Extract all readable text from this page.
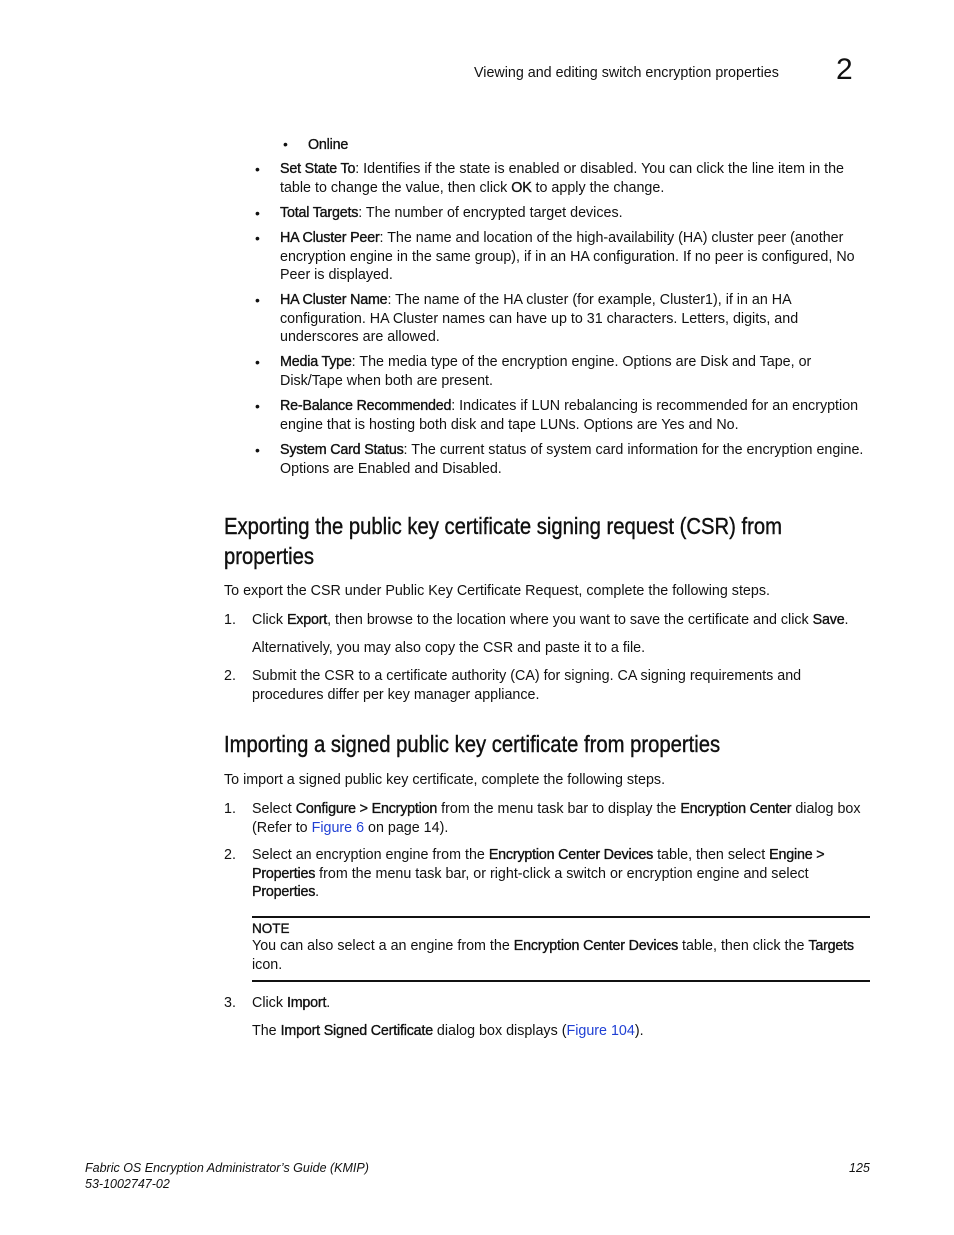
Viewing and editing switch encryption properties 2
•	Online
•	Set State To: Identifies if the state is enabled or disabled. You can click the line item in the table to change the value, then click OK to apply the change.
•	Total Targets: The number of encrypted target devices.
•	HA Cluster Peer: The name and location of the high-availability (HA) cluster peer (another encryption engine in the same group), if in an HA configuration. If no peer is configured, No Peer is displayed.
•	HA Cluster Name: The name of the HA cluster (for example, Cluster1), if in an HA configuration. HA Cluster names can have up to 31 characters. Letters, digits, and underscores are allowed.
•	Media Type: The media type of the encryption engine. Options are Disk and Tape, or Disk/Tape when both are present.
•	Re-Balance Recommended: Indicates if LUN rebalancing is recommended for an encryption engine that is hosting both disk and tape LUNs. Options are Yes and No.
•	System Card Status: The current status of system card information for the encryption engine. Options are Enabled and Disabled.
Exporting the public key certificate signing request (CSR) from
properties
To export the CSR under Public Key Certificate Request, complete the following steps.
1. Click Export, then browse to the location where you want to save the certificate and click Save.
Alternatively, you may also copy the CSR and paste it to a file.
2. Submit the CSR to a certificate authority (CA) for signing. CA signing requirements and procedures differ per key manager appliance.
Importing a signed public key certificate from properties
To import a signed public key certificate, complete the following steps.
1. Select Configure > Encryption from the menu task bar to display the Encryption Center dialog box (Refer to Figure 6 on page 14).
2. Select an encryption engine from the Encryption Center Devices table, then select Engine > Properties from the menu task bar, or right-click a switch or encryption engine and select Properties.
NOTE
You can also select a an engine from the Encryption Center Devices table, then click the Targets icon.
3. Click Import.
The Import Signed Certificate dialog box displays (Figure 104).
Fabric OS Encryption Administrator’s Guide (KMIP)
53-1002747-02
125
